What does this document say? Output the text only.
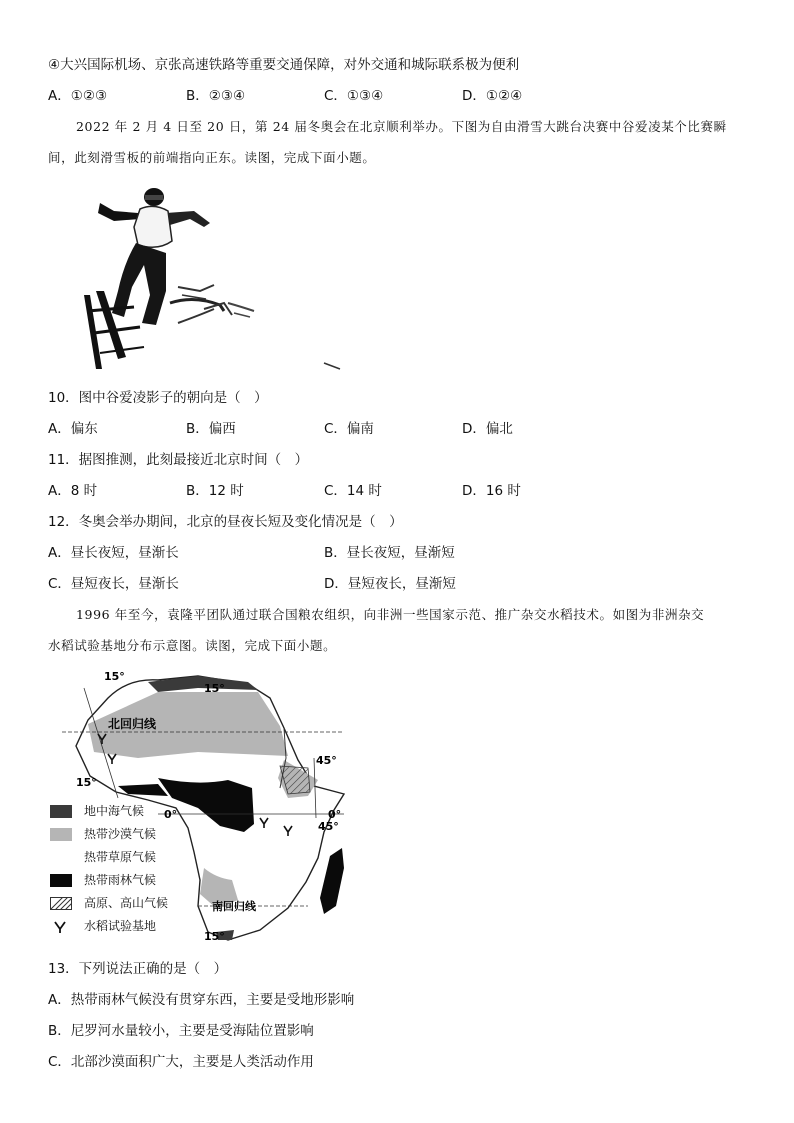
④大兴国际机场、京张高速铁路等重要交通保障，对外交通和城际联系极为便利
A．①②③	B．②③④	C．①③④	D．①②④
2022 年 2 月 4 日至 20 日，第 24 届冬奥会在北京顺利举办。下图为自由滑雪大跳台决赛中谷爱凌某个比赛瞬
间，此刻滑雪板的前端指向正东。读图，完成下面小题。
10．图中谷爱凌影子的朝向是（　）
A．偏东	B．偏西	C．偏南	D．偏北
11．据图推测，此刻最接近北京时间（　）
A．8 时	B．12 时	C．14 时	D．16 时
12．冬奥会举办期间，北京的昼夜长短及变化情况是（　）
A．昼长夜短，昼渐长	B．昼长夜短，昼渐短
C．昼短夜长，昼渐长	D．昼短夜长，昼渐短
1996 年至今，袁隆平团队通过联合国粮农组织，向非洲一些国家示范、推广杂交水稻技术。如图为非洲杂交
水稻试验基地分布示意图。读图，完成下面小题。
15°
15°
北回归线
15°
45°
0°	0°
45°
南回归线
15°
地中海气候
热带沙漠气候
热带草原气候
热带雨林气候
高原、高山气候
水稻试验基地
13．下列说法正确的是（　）
A．热带雨林气候没有贯穿东西，主要是受地形影响
B．尼罗河水量较小，主要是受海陆位置影响
C．北部沙漠面积广大，主要是人类活动作用
